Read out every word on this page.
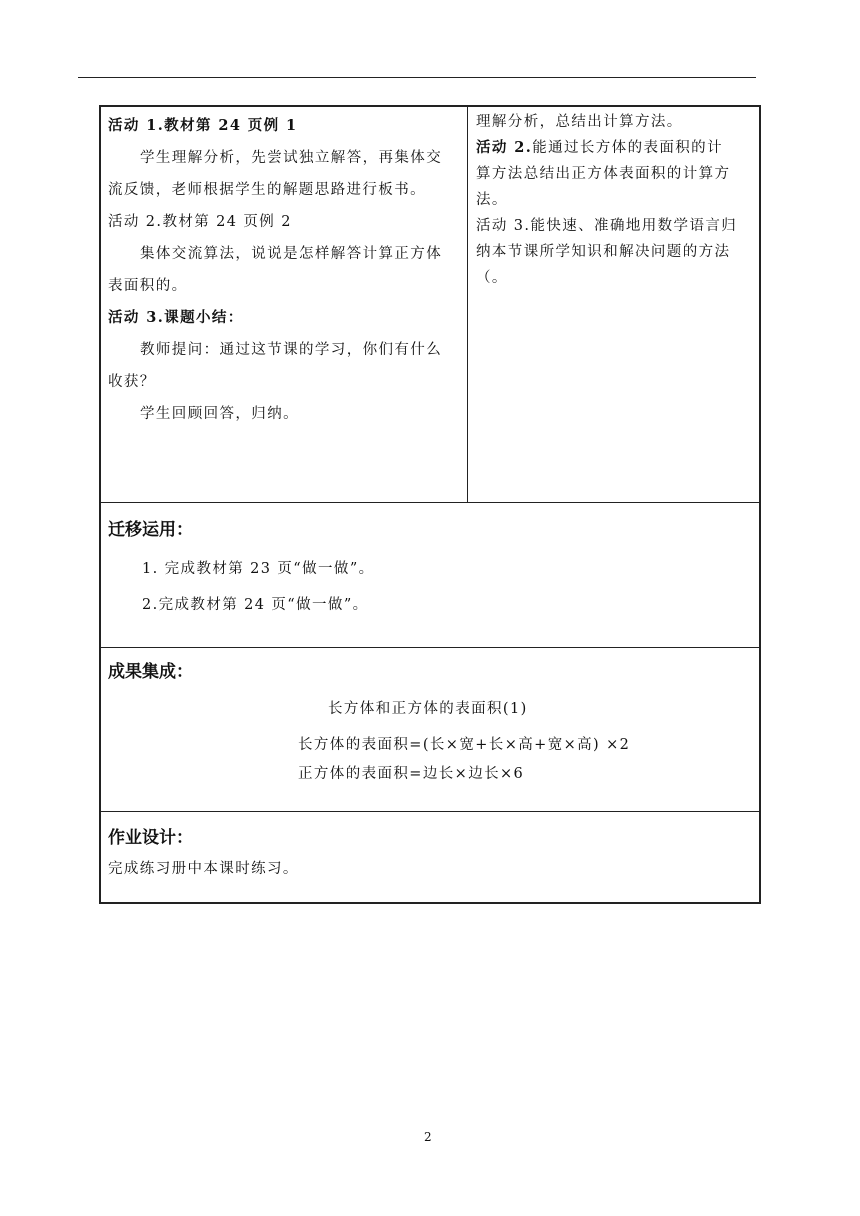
活动 1.教材第 24 页例 1
学生理解分析，先尝试独立解答，再集体交
流反馈，老师根据学生的解题思路进行板书。
活动 2.教材第 24 页例 2
集体交流算法，说说是怎样解答计算正方体
表面积的。
活动 3.课题小结：
教师提问：通过这节课的学习，你们有什么
收获？
学生回顾回答，归纳。
理解分析，总结出计算方法。
活动 2.能通过长方体的表面积的计
算方法总结出正方体表面积的计算方
法。
活动 3.能快速、准确地用数学语言归
纳本节课所学知识和解决问题的方法
（。
迁移运用：
1. 完成教材第 23 页“做一做”。
2.完成教材第 24 页“做一做”。
成果集成：
长方体和正方体的表面积(1)
长方体的表面积=(长×宽+长×高+宽×高) ×2
正方体的表面积=边长×边长×6
作业设计：
完成练习册中本课时练习。
2
